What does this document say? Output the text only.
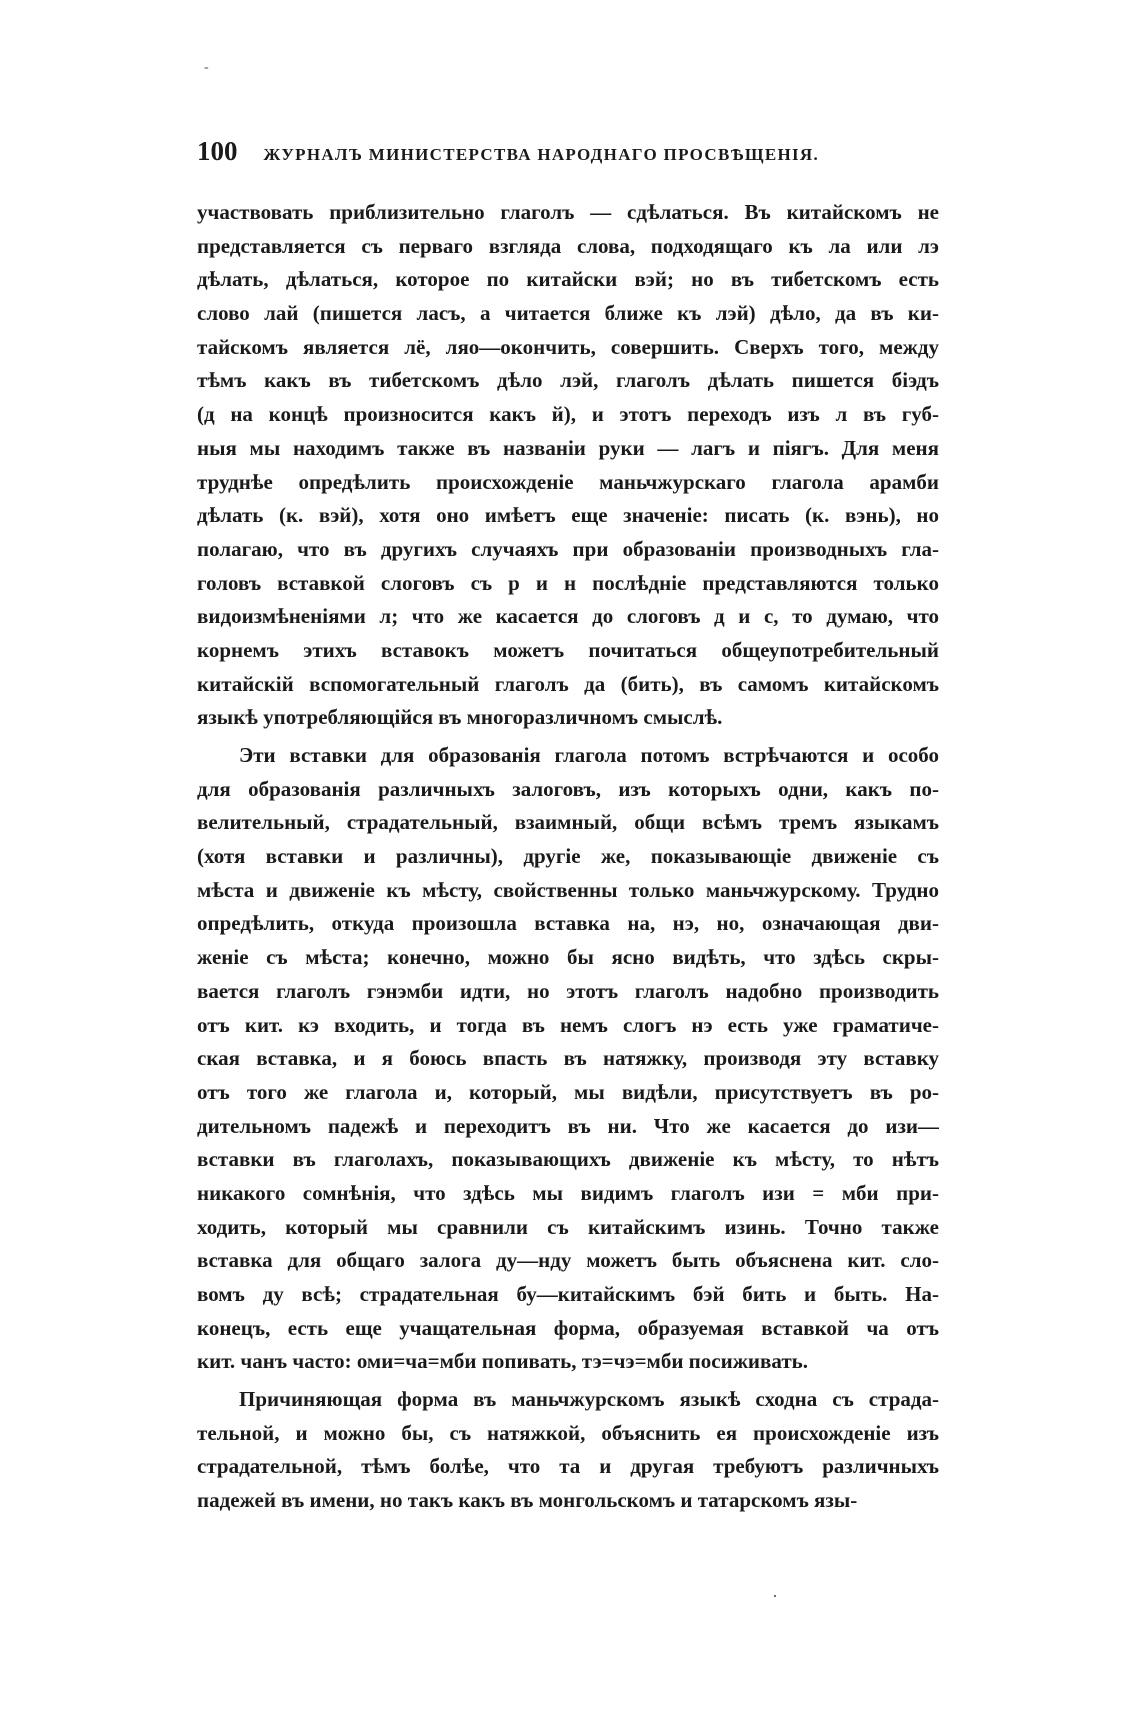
-
100 ЖУРНАЛЪ МИНИСТЕРСТВА НАРОДНАГО ПРОСВѢЩЕНІЯ.
участвовать приблизительно глаголъ — сдѣлаться. Въ китайскомъ не
представляется съ перваго взгляда слова, подходящаго къ ла или лэ
дѣлать, дѣлаться, которое по китайски вэй; но въ тибетскомъ есть
слово лай (пишется ласъ, а читается ближе къ лэй) дѣло, да въ ки-
тайскомъ является лё, ляо—окончить, совершить. Сверхъ того, между
тѣмъ какъ въ тибетскомъ дѣло лэй, глаголъ дѣлать пишется біэдъ
(д на концѣ произносится какъ й), и этотъ переходъ изъ л въ губ-
ныя мы находимъ также въ названіи руки — лагъ и піягъ. Для меня
труднѣе опредѣлить происхожденіе маньчжурскаго глагола арамби
дѣлать (к. вэй), хотя оно имѣетъ еще значеніе: писать (к. вэнь), но
полагаю, что въ другихъ случаяхъ при образованіи производныхъ гла-
головъ вставкой слоговъ съ р и н послѣдніе представляются только
видоизмѣненіями л; что же касается до слоговъ д и с, то думаю, что
корнемъ этихъ вставокъ можетъ почитаться общеупотребительный
китайскій вспомогательный глаголъ да (бить), въ самомъ китайскомъ
языкѣ употребляющійся въ многоразличномъ смыслѣ.
Эти вставки для образованія глагола потомъ встрѣчаются и особо
для образованія различныхъ залоговъ, изъ которыхъ одни, какъ по-
велительный, страдательный, взаимный, общи всѣмъ тремъ языкамъ
(хотя вставки и различны), другіе же, показывающіе движеніе съ
мѣста и движеніе къ мѣсту, свойственны только маньчжурскому. Трудно
опредѣлить, откуда произошла вставка на, нэ, но, означающая дви-
женіе съ мѣста; конечно, можно бы ясно видѣть, что здѣсь скры-
вается глаголъ гэнэмби идти, но этотъ глаголъ надобно производить
отъ кит. кэ входить, и тогда въ немъ слогъ нэ есть уже граматиче-
ская вставка, и я боюсь впасть въ натяжку, производя эту вставку
отъ того же глагола и, который, мы видѣли, присутствуетъ въ ро-
дительномъ падежѣ и переходитъ въ ни. Что же касается до изи—
вставки въ глаголахъ, показывающихъ движеніе къ мѣсту, то нѣтъ
никакого сомнѣнія, что здѣсь мы видимъ глаголъ изи = мби при-
ходить, который мы сравнили съ китайскимъ изинь. Точно также
вставка для общаго залога ду—нду можетъ быть объяснена кит. сло-
вомъ ду всѣ; страдательная бу—китайскимъ бэй бить и быть. На-
конецъ, есть еще учащательная форма, образуемая вставкой ча отъ
кит. чанъ часто: оми=ча=мби попивать, тэ=чэ=мби посиживать.
Причиняющая форма въ маньчжурскомъ языкѣ сходна съ страда-
тельной, и можно бы, съ натяжкой, объяснить ея происхожденіе изъ
страдательной, тѣмъ болѣе, что та и другая требуютъ различныхъ
падежей въ имени, но такъ какъ въ монгольскомъ и татарскомъ язы-
·
